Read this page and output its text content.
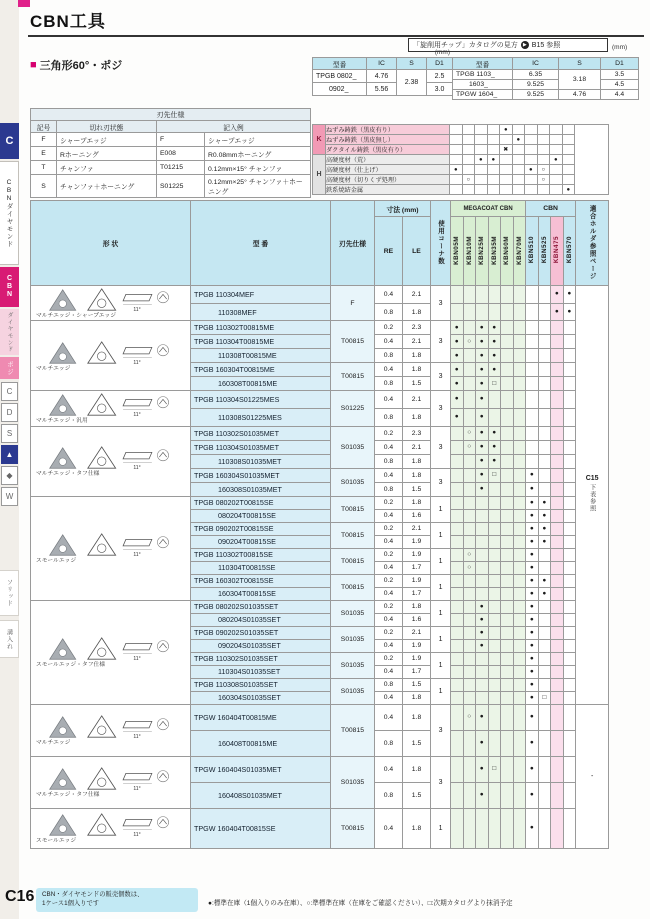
C
CBNダイヤモンド
CBN
ダイヤモンド
ポジ
C
D
S
▲
◆
W
ソリッド
溝入れ
CBN工具
「旋削用チップ」カタログの見方	▶ B15 参照
(mm)
(mm)
■ 三角形60°・ポジ	型番	IC	S	D1
TPGB 0802_	4.76	2.38	2.5
0902_	5.56		3.0
型番	IC	S	D1
TPGB 1103_	6.35	3.18	3.5
1603_	9.525		4.5
TPGW 1604_	9.525	4.76	4.4
刃先仕様			
記号	切れ刃状態	記入例	
F	シャープエッジ	F	シャープエッジ
E	Rホーニング	E008	R0.08mmホーニング
T	チャンファ	T01215	0.12mm×15° チャンファ
S	チャンファ＋ホーニング	S01225	0.12mm×25° チャンファ＋ホーニング
K	ねずみ鋳鉄（黒皮有り）					●						
	ねずみ鋳鉄（黒皮無し）						●					
	ダクタイル鋳鉄（黒皮有り）					✖						
H	高硬度材（荒）			●	●					●		
	高硬度材（仕上げ）	●						●	○			
	高硬度材（切りくず処理）		○						○			
	鉄系焼結金属										●	
形 状	型 番	刃先仕様	寸法 (mm)		使用コーナ数	MEGACOAT CBN						CBN				適合ホルダ参照ページ
			RE	LE		KBN05M	KBN10M	KBN25M	KBN35M	KBN60M	KBN70M	KBN510	KBN525	KBN475	KBN570	

11°
マルチエッジ・シャープエッジ
	TPGB 110304MEF	F	0.4	2.1	3									●	●	
C15
下表参照
	110308MEF		0.8	1.8										●	●	

11°
マルチエッジ	TPGB 110302T00815ME	T00815	0.2	2.3	3	●		●	●							
	TPGB 110304T00815ME		0.4	2.1		●	○	●	●							
	110308T00815ME		0.8	1.8		●		●	●							
	TPGB 160304T00815ME	T00815	0.4	1.8	3	●		●	●							
	160308T00815ME		0.8	1.5		●		●	□							

11°
マルチエッジ・汎用	TPGB 110304S01225MES	S01225	0.4	2.1	3	●		●								
	110308S01225MES		0.8	1.8		●		●								

11°
マルチエッジ・タフ仕様	TPGB 110302S01035MET	S01035	0.2	2.3	3		○	●	●							
	TPGB 110304S01035MET		0.4	2.1			○	●	●							
	110308S01035MET		0.8	1.8				●	●							
	TPGB 160304S01035MET	S01035	0.4	1.8	3			●	□			●				
	160308S01035MET		0.8	1.5				●				●				

11°
スモールエッジ	TPGB 080202T00815SE	T00815	0.2	1.8	1							●	●			
	080204T00815SE		0.4	1.6								●	●			
	TPGB 090202T00815SE	T00815	0.2	2.1	1							●	●			
	090204T00815SE		0.4	1.9								●	●			
	TPGB 110302T00815SE	T00815	0.2	1.9	1		○					●				
	110304T00815SE		0.4	1.7			○					●				
	TPGB 160302T00815SE	T00815	0.2	1.9	1							●	●			
	160304T00815SE		0.4	1.7								●	●			

11°
スモールエッジ・タフ仕様	TPGB 080202S01035SET	S01035	0.2	1.8	1			●				●				
	080204S01035SET		0.4	1.6				●				●				
	TPGB 090202S01035SET	S01035	0.2	2.1	1			●				●				
	090204S01035SET		0.4	1.9				●				●				
	TPGB 110302S01035SET	S01035	0.2	1.9	1							●				
	110304S01035SET		0.4	1.7								●				
	TPGB 110308S01035SET	S01035	0.8	1.5	1							●				
	160304S01035SET		0.4	1.8								●	□			

11°
マルチエッジ	TPGW 160404T00815ME	T00815	0.4	1.8	3		○	●				●				-
	160408T00815ME		0.8	1.5				●				●				

11°
マルチエッジ・タフ仕様	TPGW 160404S01035MET	S01035	0.4	1.8	3			●	□			●				
	160408S01035MET		0.8	1.5				●				●				

11°
スモールエッジ	TPGW 160404T00815SE	T00815	0.4	1.8	1							●				
C16 CBN・ダイヤモンドの販売個数は、
1ケース1個入りです	●:標準在庫（1個入りのみ在庫）、○:準標準在庫（在庫をご確認ください）、□:次期カタログより抹消予定
